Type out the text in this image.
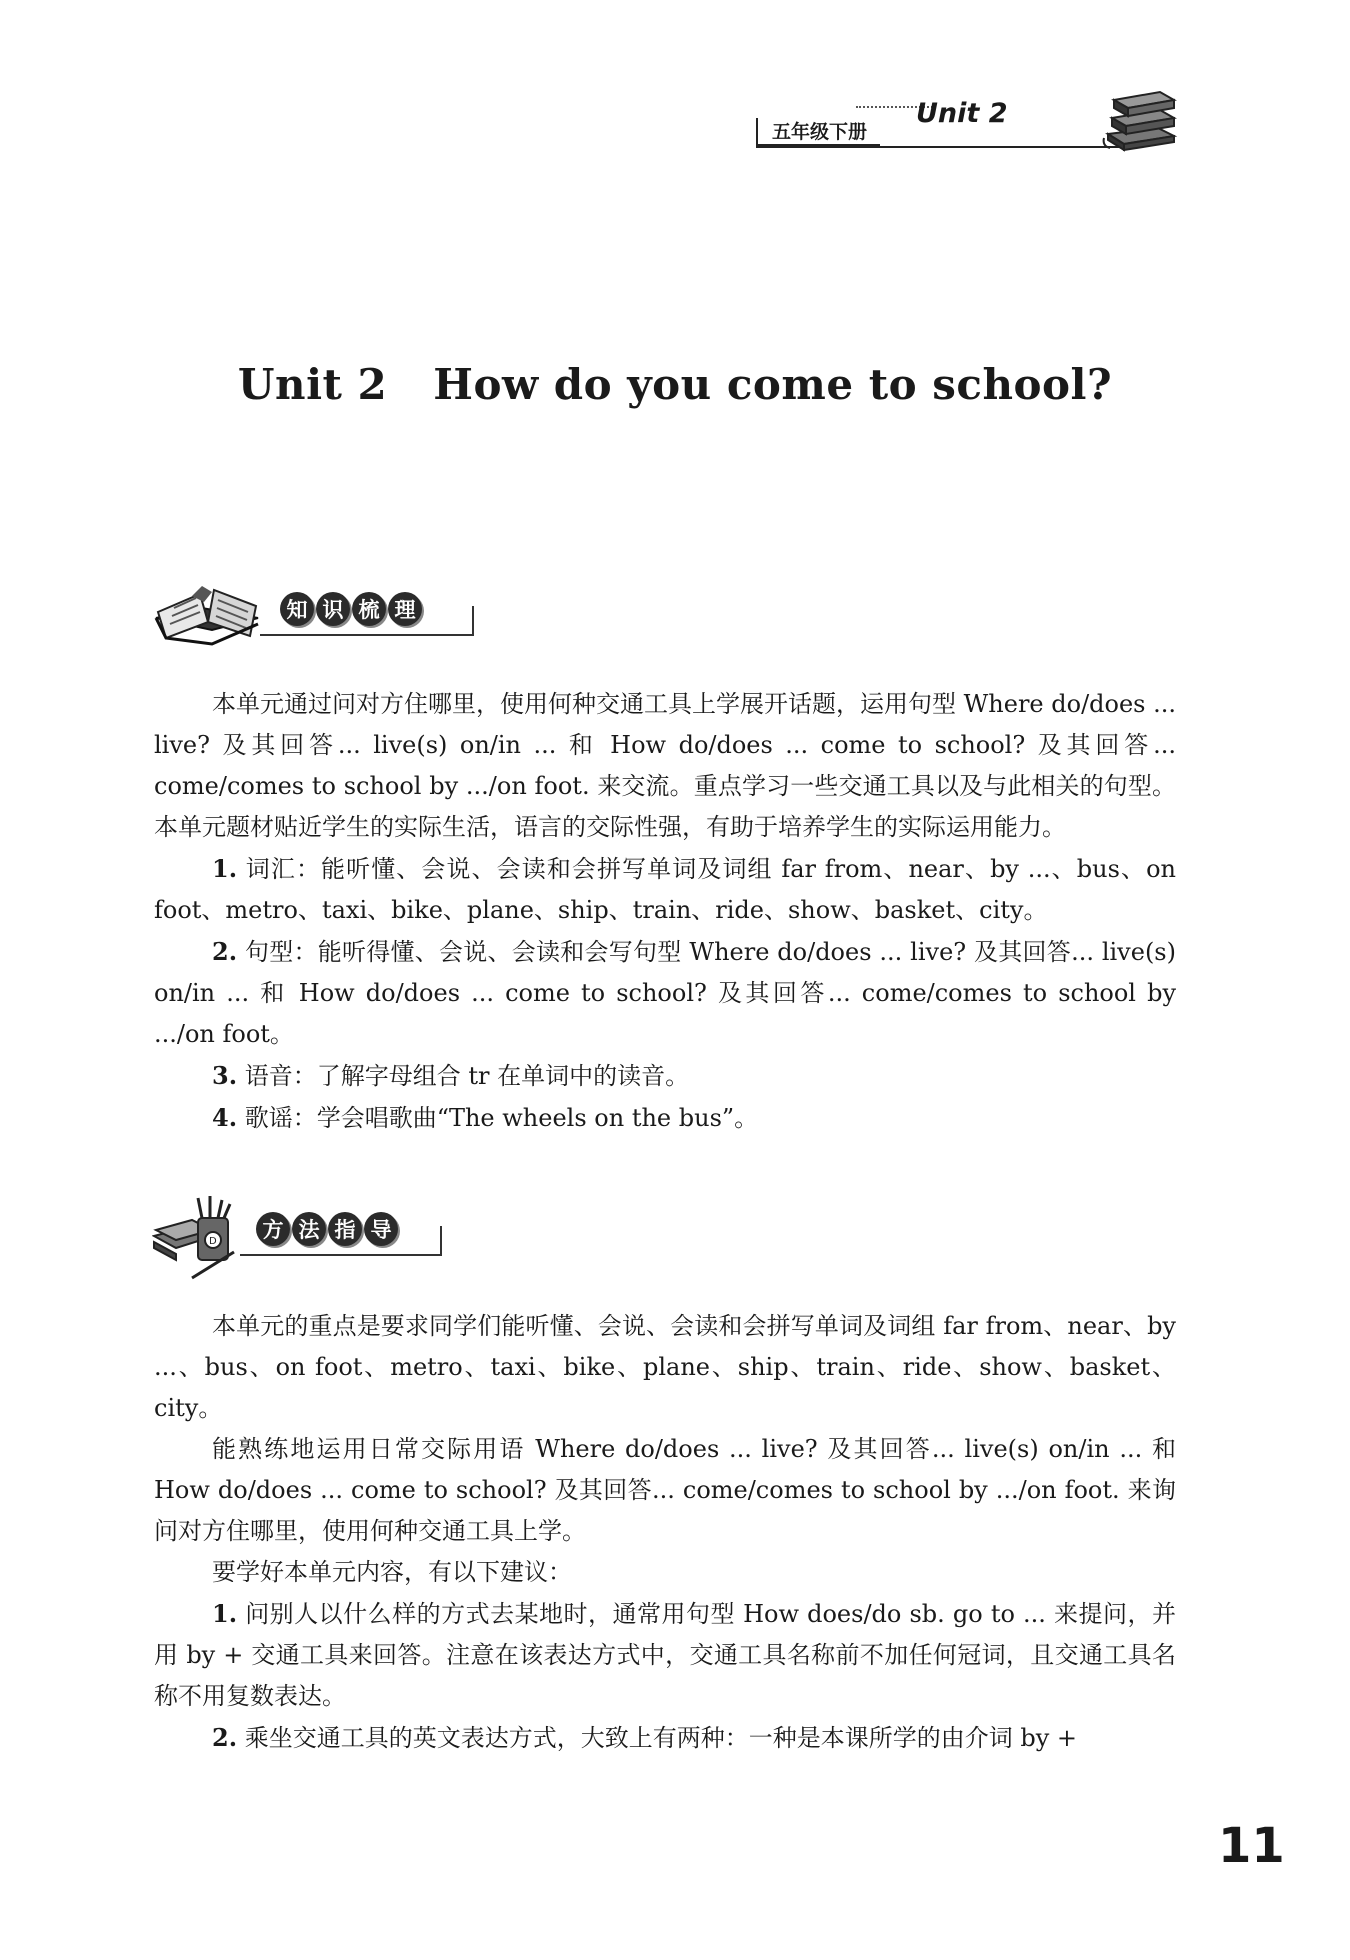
五年级下册
Unit 2
Unit 2 How do you come to school?
知 识 梳 理

本单元通过问对方住哪里，使用何种交通工具上学展开话题，运用句型 Where do/does ... live? 及其回答... live(s) on/in ... 和 How do/does ... come to school? 及其回答... come/comes to school by .../on foot. 来交流。重点学习一些交通工具以及与此相关的句型。本单元题材贴近学生的实际生活，语言的交际性强，有助于培养学生的实际运用能力。

1. 词汇：能听懂、会说、会读和会拼写单词及词组 far from、near、by ...、bus、on foot、metro、taxi、bike、plane、ship、train、ride、show、basket、city。

2. 句型：能听得懂、会说、会读和会写句型 Where do/does ... live? 及其回答... live(s) on/in ... 和 How do/does ... come to school? 及其回答... come/comes to school by .../on foot。

3. 语音：了解字母组合 tr 在单词中的读音。

4. 歌谣：学会唱歌曲“The wheels on the bus”。

D	方 法 指 导

本单元的重点是要求同学们能听懂、会说、会读和会拼写单词及词组 far from、near、by ...、bus、on foot、metro、taxi、bike、plane、ship、train、ride、show、basket、city。

能熟练地运用日常交际用语 Where do/does ... live? 及其回答... live(s) on/in ... 和 How do/does ... come to school? 及其回答... come/comes to school by .../on foot. 来询问对方住哪里，使用何种交通工具上学。

要学好本单元内容，有以下建议：

1. 问别人以什么样的方式去某地时，通常用句型 How does/do sb. go to ... 来提问，并用 by + 交通工具来回答。注意在该表达方式中，交通工具名称前不加任何冠词，且交通工具名称不用复数表达。

2. 乘坐交通工具的英文表达方式，大致上有两种：一种是本课所学的由介词 by +

11
